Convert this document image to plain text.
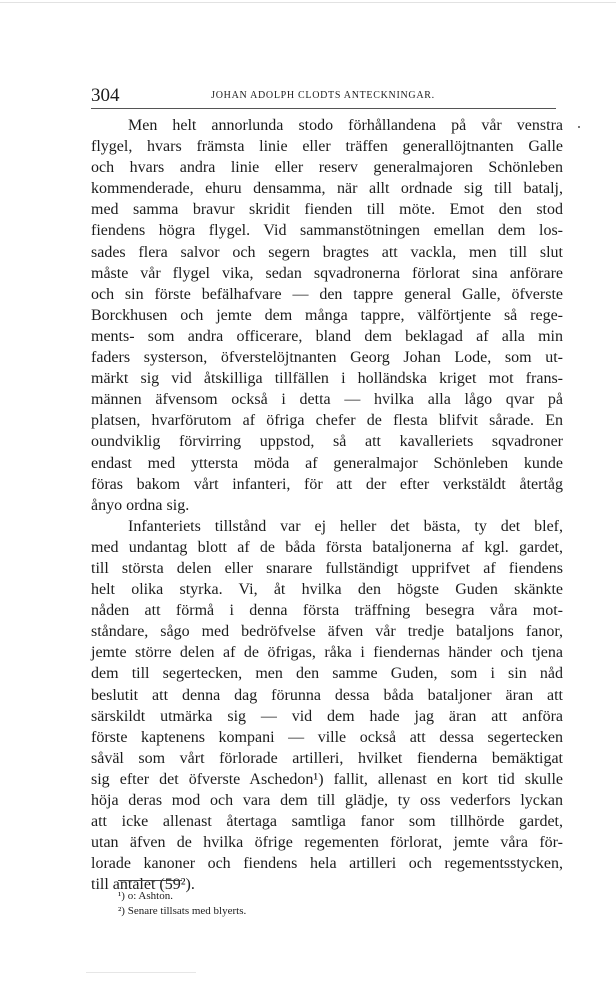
304	JOHAN ADOLPH CLODTS ANTECKNINGAR.
Men helt annorlunda stodo förhållandena på vår venstra
flygel, hvars främsta linie eller träffen generallöjtnanten Galle
och hvars andra linie eller reserv generalmajoren Schönleben
kommenderade, ehuru densamma, när allt ordnade sig till batalj,
med samma bravur skridit fienden till möte. Emot den stod
fiendens högra flygel. Vid sammanstötningen emellan dem los-
sades flera salvor och segern bragtes att vackla, men till slut
måste vår flygel vika, sedan sqvadronerna förlorat sina anförare
och sin förste befälhafvare — den tappre general Galle, öfverste
Borckhusen och jemte dem många tappre, välförtjente så rege-
ments- som andra officerare, bland dem beklagad af alla min
faders systerson, öfverstelöjtnanten Georg Johan Lode, som ut-
märkt sig vid åtskilliga tillfällen i holländska kriget mot frans-
männen äfvensom också i detta — hvilka alla lågo qvar på
platsen, hvarförutom af öfriga chefer de flesta blifvit sårade. En
oundviklig förvirring uppstod, så att kavalleriets sqvadroner
endast med yttersta möda af generalmajor Schönleben kunde
föras bakom vårt infanteri, för att der efter verkstäldt återtåg
ånyo ordna sig.
Infanteriets tillstånd var ej heller det bästa, ty det blef,
med undantag blott af de båda första bataljonerna af kgl. gardet,
till största delen eller snarare fullständigt upprifvet af fiendens
helt olika styrka. Vi, åt hvilka den högste Guden skänkte
nåden att förmå i denna första träffning besegra våra mot-
ståndare, sågo med bedröfvelse äfven vår tredje bataljons fanor,
jemte större delen af de öfrigas, råka i fiendernas händer och tjena
dem till segertecken, men den samme Guden, som i sin nåd
beslutit att denna dag förunna dessa båda bataljoner äran att
särskildt utmärka sig — vid dem hade jag äran att anföra
förste kaptenens kompani — ville också att dessa segertecken
såväl som vårt förlorade artilleri, hvilket fienderna bemäktigat
sig efter det öfverste Aschedon¹) fallit, allenast en kort tid skulle
höja deras mod och vara dem till glädje, ty oss vederfors lyckan
att icke allenast återtaga samtliga fanor som tillhörde gardet,
utan äfven de hvilka öfrige regementen förlorat, jemte våra för-
lorade kanoner och fiendens hela artilleri och regementsstycken,
till antalet (59²).
¹) o: Ashton.
²) Senare tillsats med blyerts.
